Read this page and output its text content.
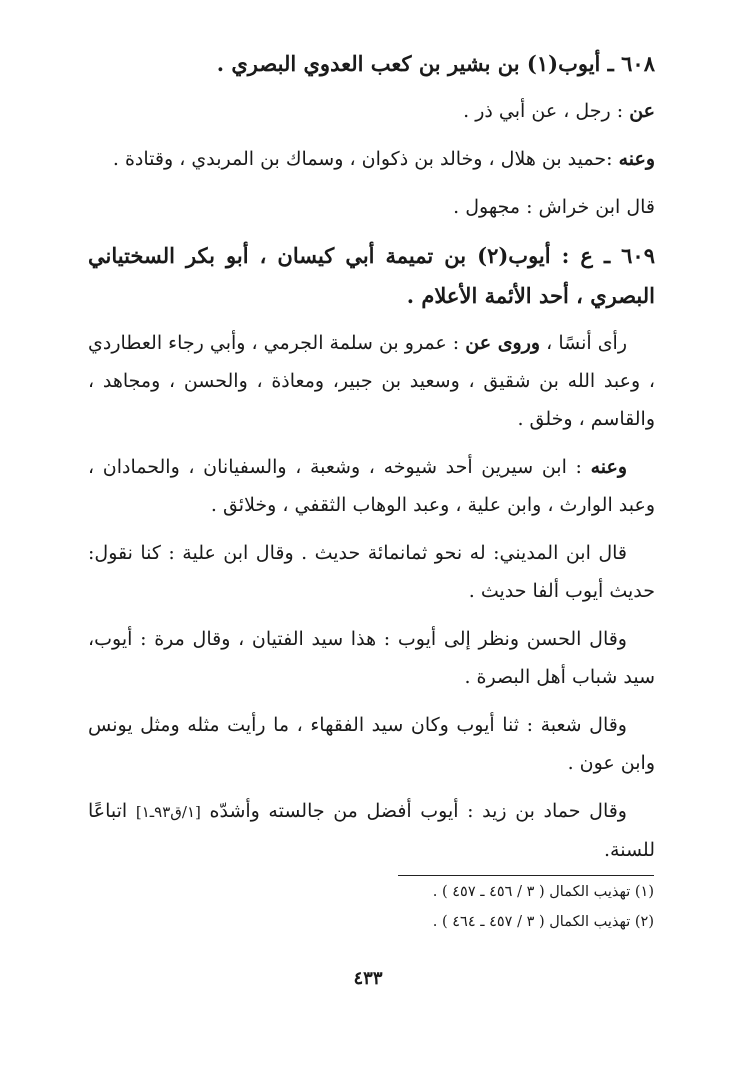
٦٠٨ ـ أيوب(١) بن بشير بن كعب العدوي البصري .

عن : رجل ، عن أبي ذر .

وعنه :حميد بن هلال ، وخالد بن ذكوان ، وسماك بن المربدي ، وقتادة .

قال ابن خراش : مجهول .

٦٠٩ ـ ع : أيوب(٢) بن تميمة أبي كيسان ، أبو بكر السختياني البصري ، أحد الأئمة الأعلام .

رأى أنسًا ، وروى عن : عمرو بن سلمة الجرمي ، وأبي رجاء العطاردي ، وعبد الله بن شقيق ، وسعيد بن جبير، ومعاذة ، والحسن ، ومجاهد ، والقاسم ، وخلق .

وعنه : ابن سيرين أحد شيوخه ، وشعبة ، والسفيانان ، والحمادان ، وعبد الوارث ، وابن علية ، وعبد الوهاب الثقفي ، وخلائق .

قال ابن المديني: له نحو ثمانمائة حديث . وقال ابن علية : كنا نقول: حديث أيوب ألفا حديث .

وقال الحسن ونظر إلى أيوب : هذا سيد الفتيان ، وقال مرة : أيوب، سيد شباب أهل البصرة .

وقال شعبة : ثنا أيوب وكان سيد الفقهاء ، ما رأيت مثله ومثل يونس وابن عون .

وقال حماد بن زيد : أيوب أفضل من جالسته وأشدّه [١/ق٩٣ـ١] اتباعًا للسنة.

(١) تهذيب الكمال ( ٣ / ٤٥٦ ـ ٤٥٧ ) .
(٢) تهذيب الكمال ( ٣ / ٤٥٧ ـ ٤٦٤ ) .
٤٣٣
